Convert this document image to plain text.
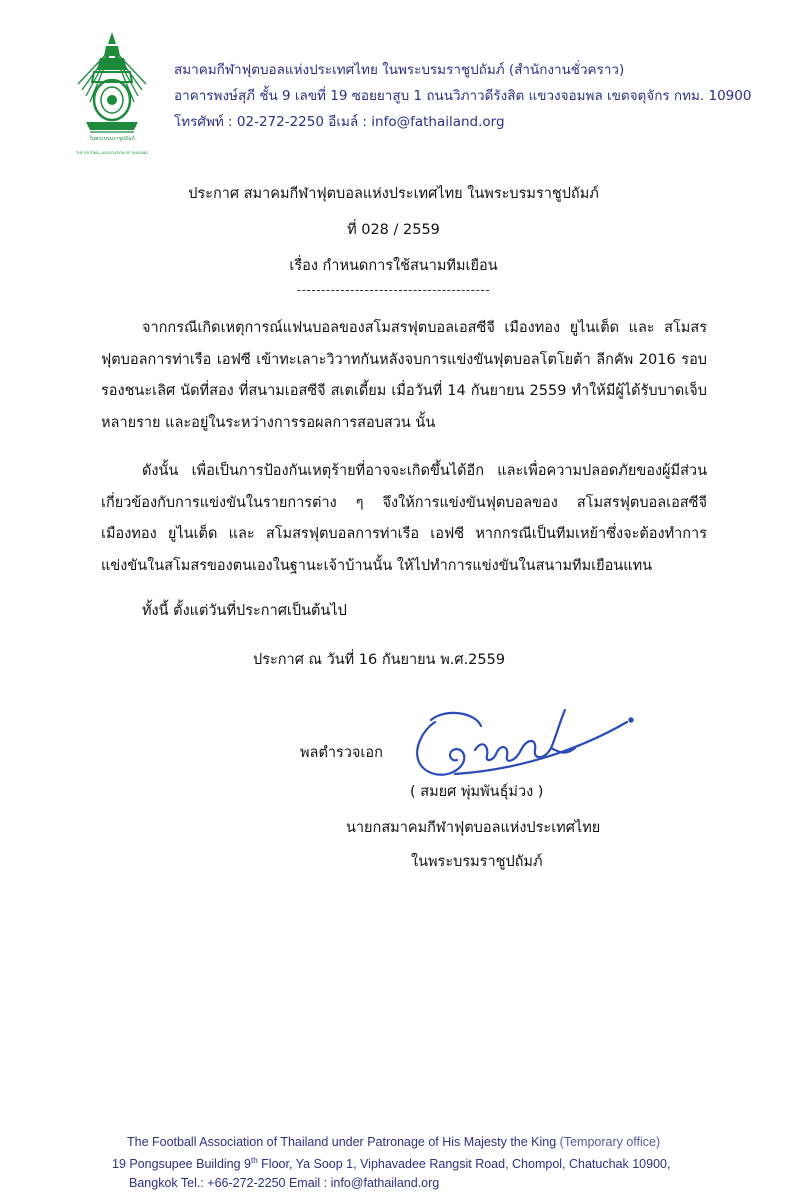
ในพระบรมราชูปถัมภ์
THE FOOTBALL ASSOCIATION OF THAILAND
สมาคมกีฬาฟุตบอลแห่งประเทศไทย ในพระบรมราชูปถัมภ์ (สำนักงานชั่วคราว)
อาคารพงษ์สุภี ชั้น 9 เลขที่ 19 ซอยยาสูบ 1 ถนนวิภาวดีรังสิต แขวงจอมพล เขตจตุจักร กทม. 10900
โทรศัพท์ : 02-272-2250 อีเมล์ : info@fathailand.org
ประกาศ สมาคมกีฬาฟุตบอลแห่งประเทศไทย ในพระบรมราชูปถัมภ์
ที่ 028 / 2559
เรื่อง กำหนดการใช้สนามทีมเยือน
----------------------------------------

จากกรณีเกิดเหตุการณ์แฟนบอลของสโมสรฟุตบอลเอสซีจี เมืองทอง ยูไนเต็ด และ สโมสรฟุตบอลการท่าเรือ เอฟซี เข้าทะเลาะวิวาทกันหลังจบการแข่งขันฟุตบอลโตโยต้า ลีกคัพ 2016 รอบรองชนะเลิศ นัดที่สอง ที่สนามเอสซีจี สเตเดี้ยม เมื่อวันที่ 14 กันยายน 2559 ทำให้มีผู้ได้รับบาดเจ็บหลายราย และอยู่ในระหว่างการรอผลการสอบสวน นั้น

ดังนั้น เพื่อเป็นการป้องกันเหตุร้ายที่อาจจะเกิดขึ้นได้อีก และเพื่อความปลอดภัยของผู้มีส่วนเกี่ยวข้องกับการแข่งขันในรายการต่าง ๆ จึงให้การแข่งขันฟุตบอลของ สโมสรฟุตบอลเอสซีจี เมืองทอง ยูไนเต็ด และ สโมสรฟุตบอลการท่าเรือ เอฟซี หากกรณีเป็นทีมเหย้าซึ่งจะต้องทำการแข่งขันในสโมสรของตนเองในฐานะเจ้าบ้านนั้น ให้ไปทำการแข่งขันในสนามทีมเยือนแทน

ทั้งนี้ ตั้งแต่วันที่ประกาศเป็นต้นไป

ประกาศ ณ วันที่ 16 กันยายน พ.ศ.2559
พลตำรวจเอก
( สมยศ พุ่มพันธุ์ม่วง )
นายกสมาคมกีฬาฟุตบอลแห่งประเทศไทย
ในพระบรมราชูปถัมภ์
The Football Association of Thailand under Patronage of His Majesty the King (Temporary office)
19 Pongsupee Building 9th Floor, Ya Soop 1, Viphavadee Rangsit Road, Chompol, Chatuchak 10900,
Bangkok Tel.: +66-272-2250 Email : info@fathailand.org
